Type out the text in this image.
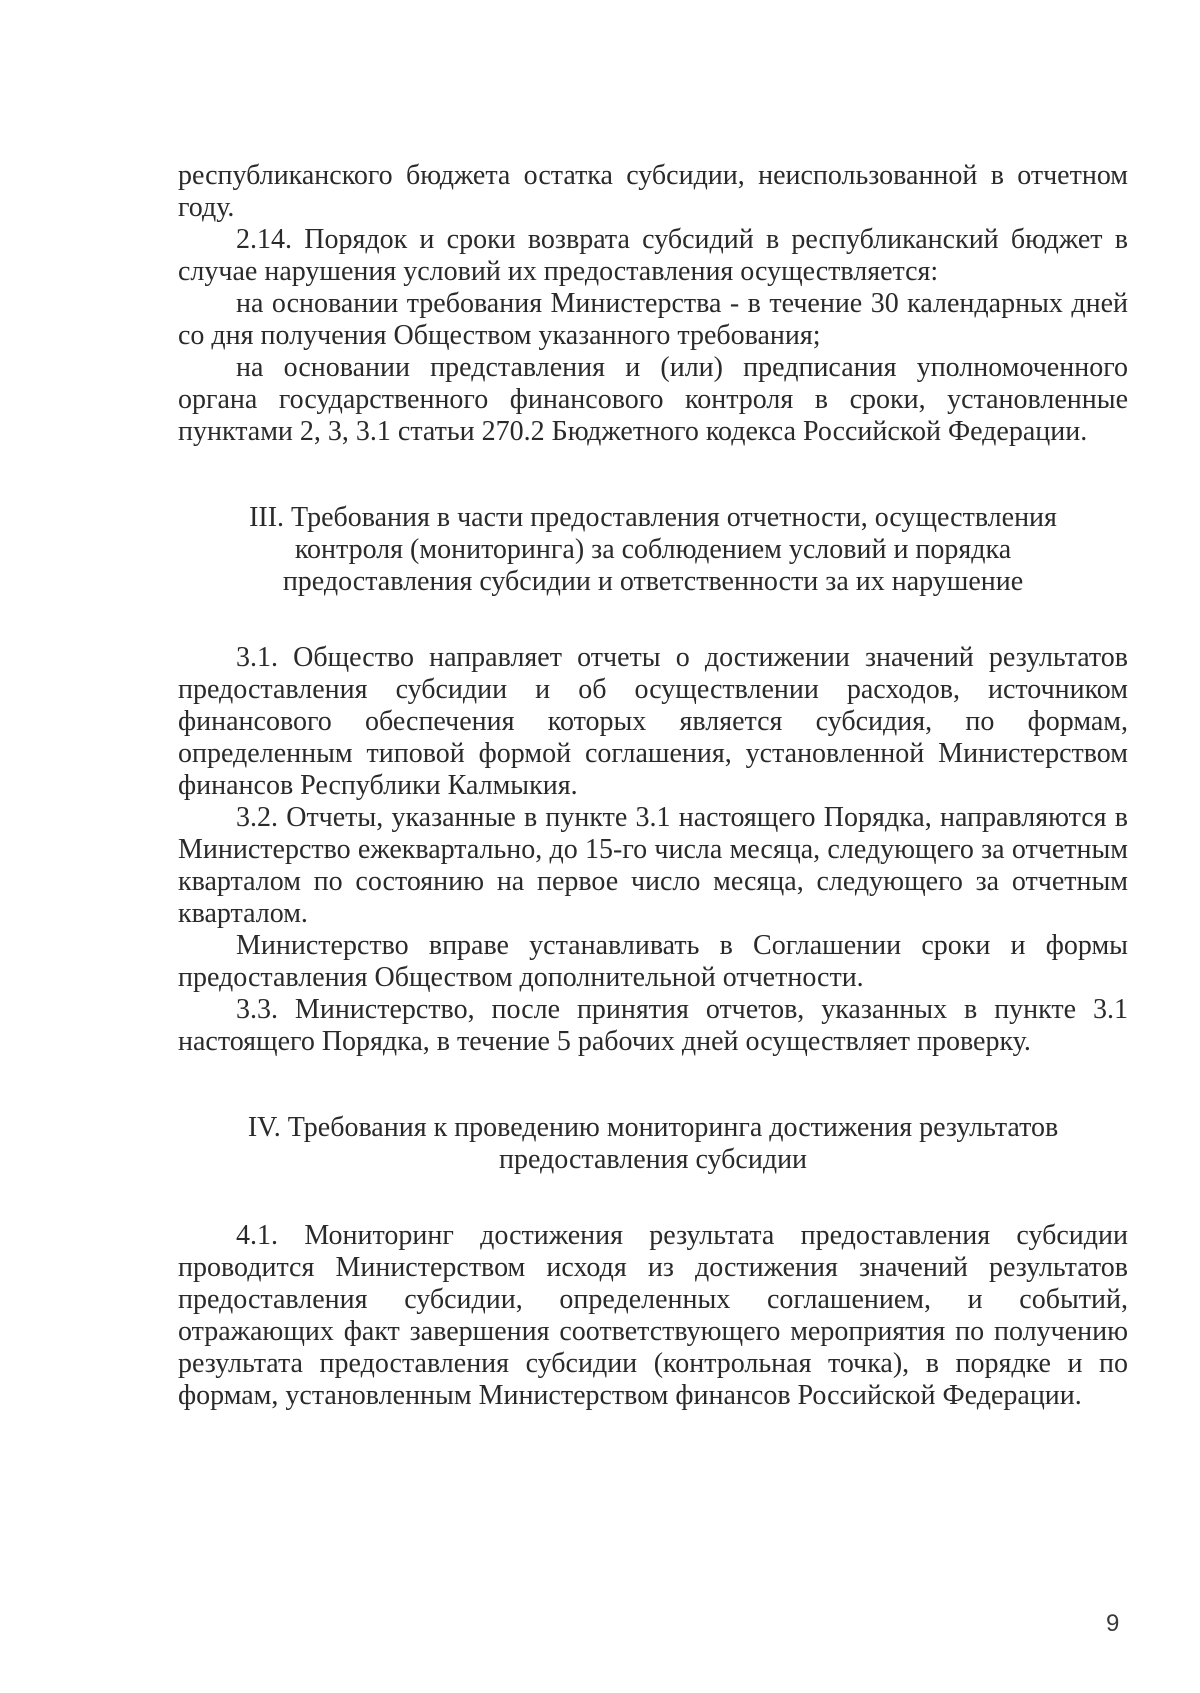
республиканского бюджета остатка субсидии, неиспользованной в отчетном году.

2.14. Порядок и сроки возврата субсидий в республиканский бюджет в случае нарушения условий их предоставления осуществляется:

на основании требования Министерства - в течение 30 календарных дней со дня получения Обществом указанного требования;

на основании представления и (или) предписания уполномоченного органа государственного финансового контроля в сроки, установленные пунктами 2, 3, 3.1 статьи 270.2 Бюджетного кодекса Российской Федерации.

III. Требования в части предоставления отчетности, осуществления контроля (мониторинга) за соблюдением условий и порядка предоставления субсидии и ответственности за их нарушение

3.1. Общество направляет отчеты о достижении значений результатов предоставления субсидии и об осуществлении расходов, источником финансового обеспечения которых является субсидия, по формам, определенным типовой формой соглашения, установленной Министерством финансов Республики Калмыкия.

3.2. Отчеты, указанные в пункте 3.1 настоящего Порядка, направляются в Министерство ежеквартально, до 15-го числа месяца, следующего за отчетным кварталом по состоянию на первое число месяца, следующего за отчетным кварталом.

Министерство вправе устанавливать в Соглашении сроки и формы предоставления Обществом дополнительной отчетности.

3.3. Министерство, после принятия отчетов, указанных в пункте 3.1 настоящего Порядка, в течение 5 рабочих дней осуществляет проверку.

IV. Требования к проведению мониторинга достижения результатов предоставления субсидии

4.1. Мониторинг достижения результата предоставления субсидии проводится Министерством исходя из достижения значений результатов предоставления субсидии, определенных соглашением, и событий, отражающих факт завершения соответствующего мероприятия по получению результата предоставления субсидии (контрольная точка), в порядке и по формам, установленным Министерством финансов Российской Федерации.

9
